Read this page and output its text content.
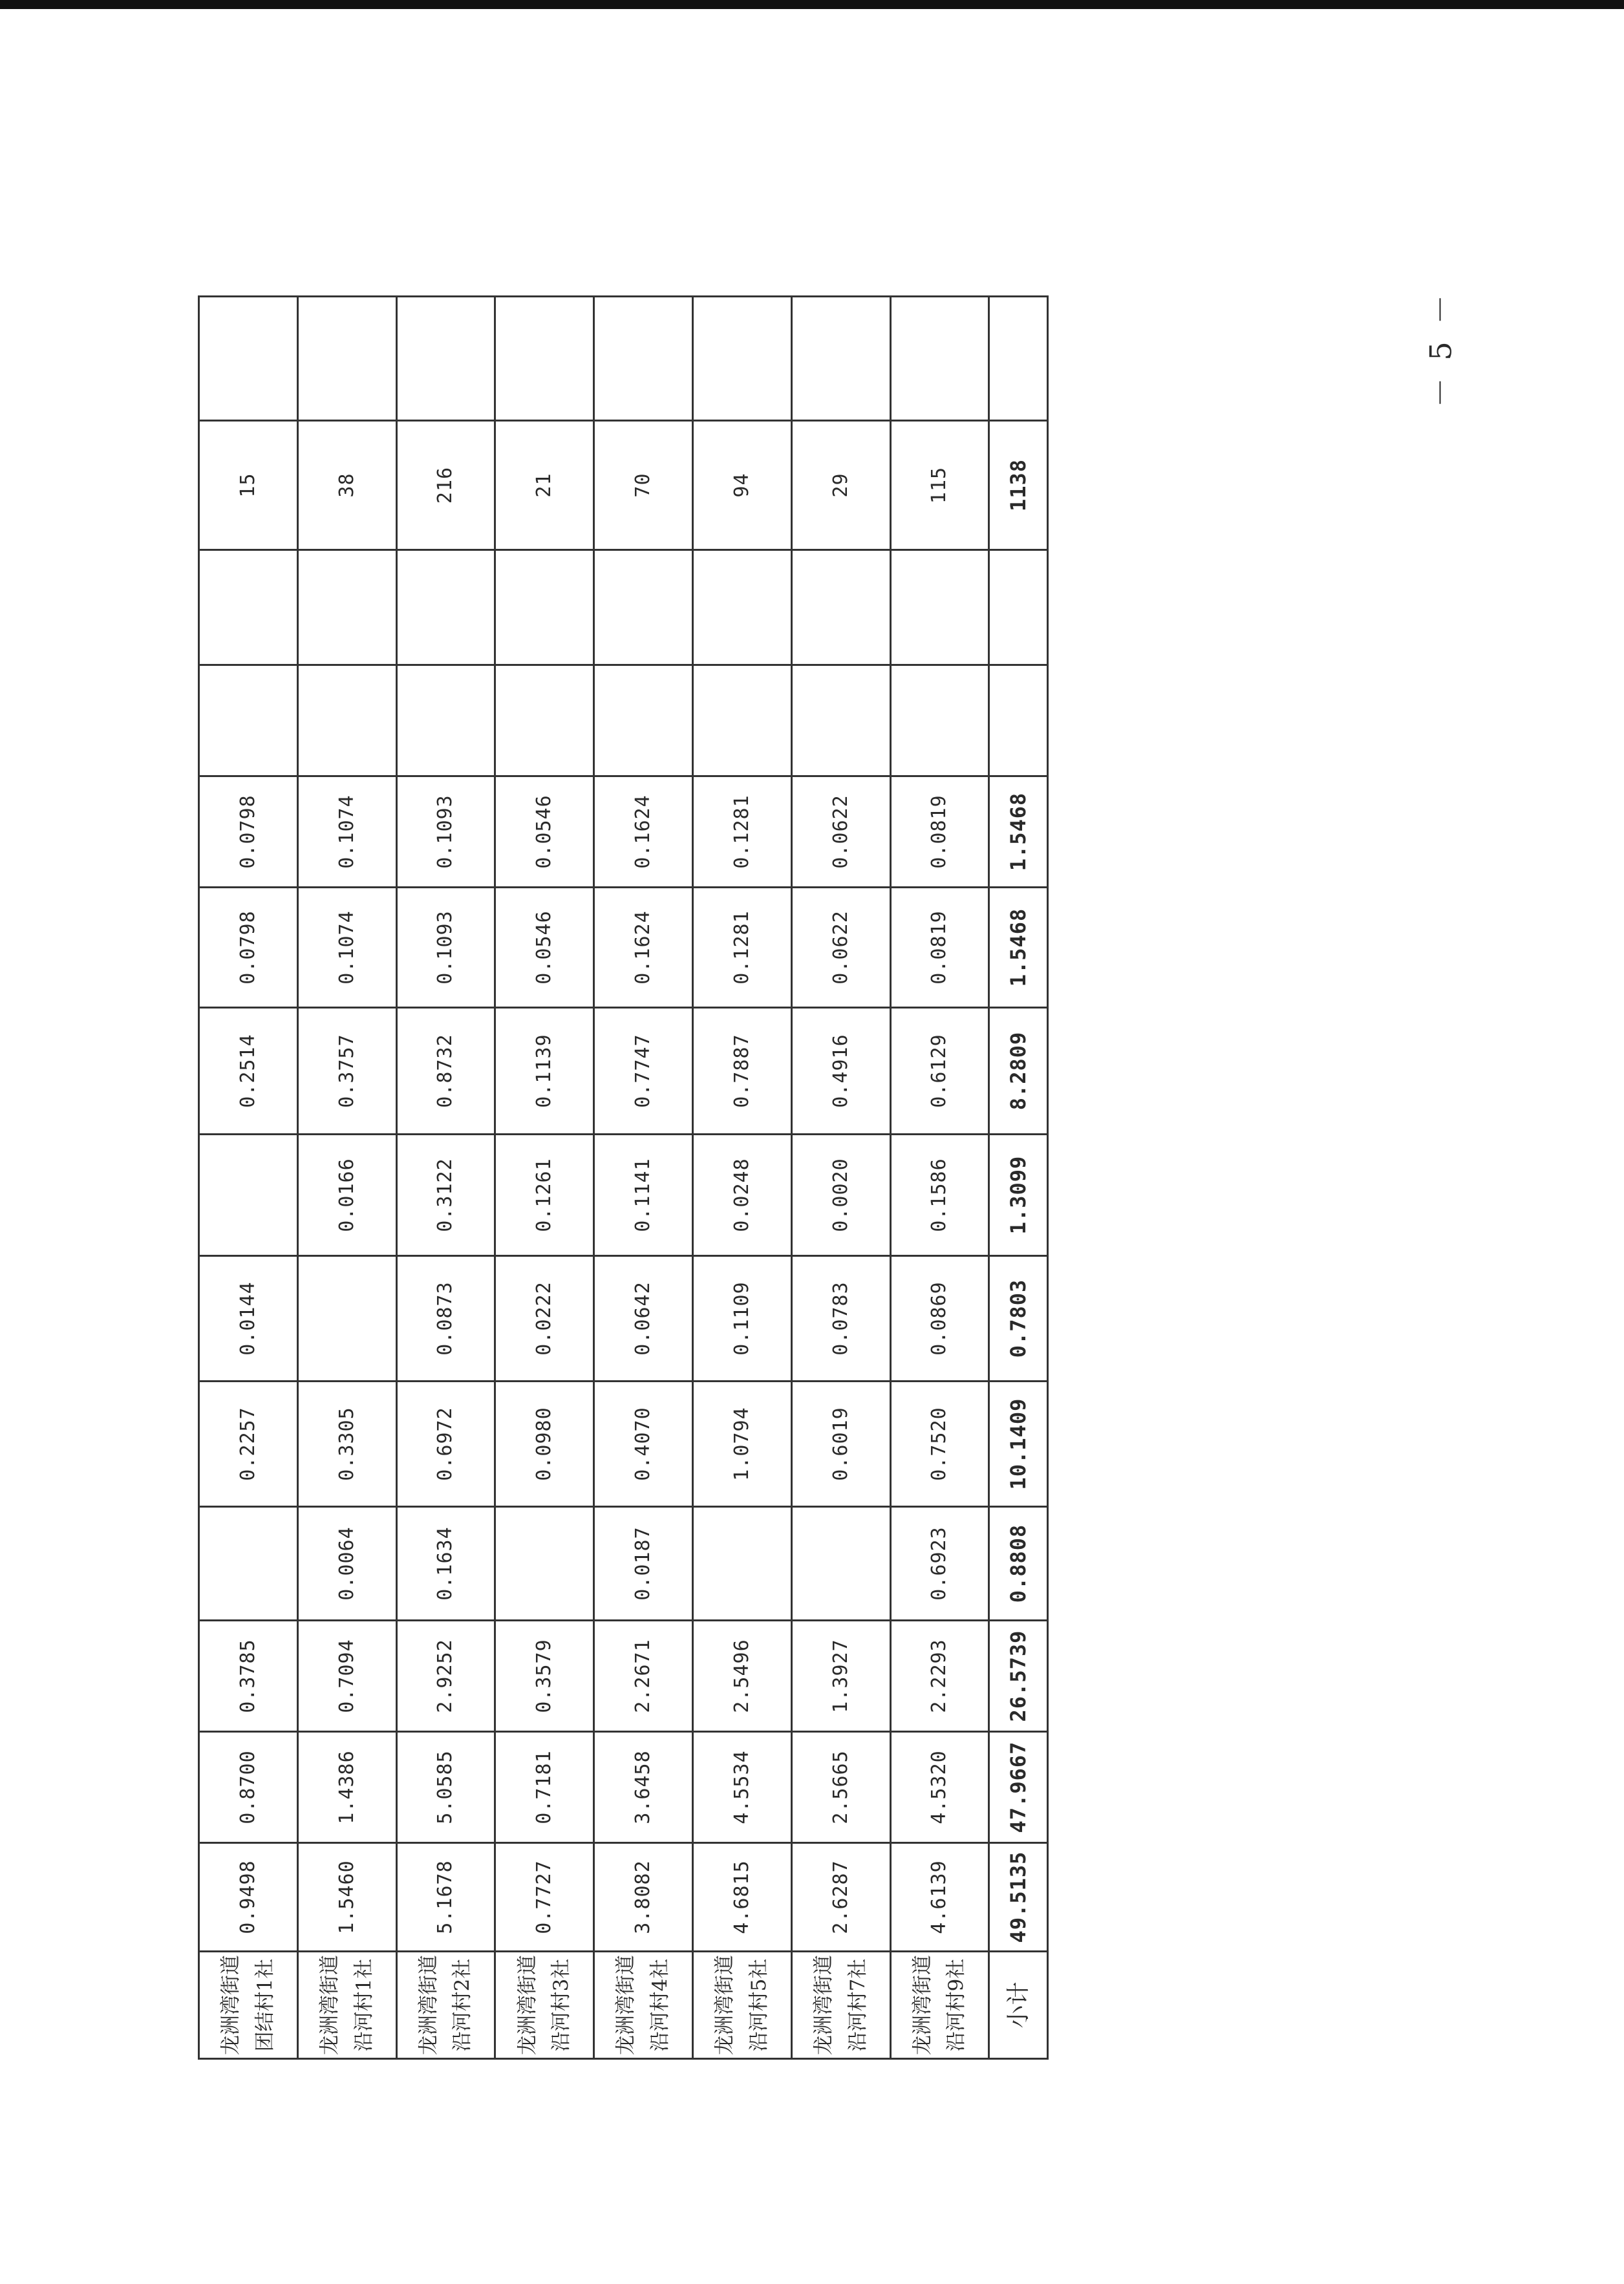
－ 5 －
龙洲湾街道团结村1社	0.9498	0.8700	0.3785		0.2257	0.0144		0.2514	0.0798	0.0798			15	
龙洲湾街道沿河村1社	1.5460	1.4386	0.7094	0.0064	0.3305		0.0166	0.3757	0.1074	0.1074			38	
龙洲湾街道沿河村2社	5.1678	5.0585	2.9252	0.1634	0.6972	0.0873	0.3122	0.8732	0.1093	0.1093			216	
龙洲湾街道沿河村3社	0.7727	0.7181	0.3579		0.0980	0.0222	0.1261	0.1139	0.0546	0.0546			21	
龙洲湾街道沿河村4社	3.8082	3.6458	2.2671	0.0187	0.4070	0.0642	0.1141	0.7747	0.1624	0.1624			70	
龙洲湾街道沿河村5社	4.6815	4.5534	2.5496		1.0794	0.1109	0.0248	0.7887	0.1281	0.1281			94	
龙洲湾街道沿河村7社	2.6287	2.5665	1.3927		0.6019	0.0783	0.0020	0.4916	0.0622	0.0622			29	
龙洲湾街道沿河村9社	4.6139	4.5320	2.2293	0.6923	0.7520	0.0869	0.1586	0.6129	0.0819	0.0819			115	
小计	49.5135	47.9667	26.5739	0.8808	10.1409	0.7803	1.3099	8.2809	1.5468	1.5468			1138	
